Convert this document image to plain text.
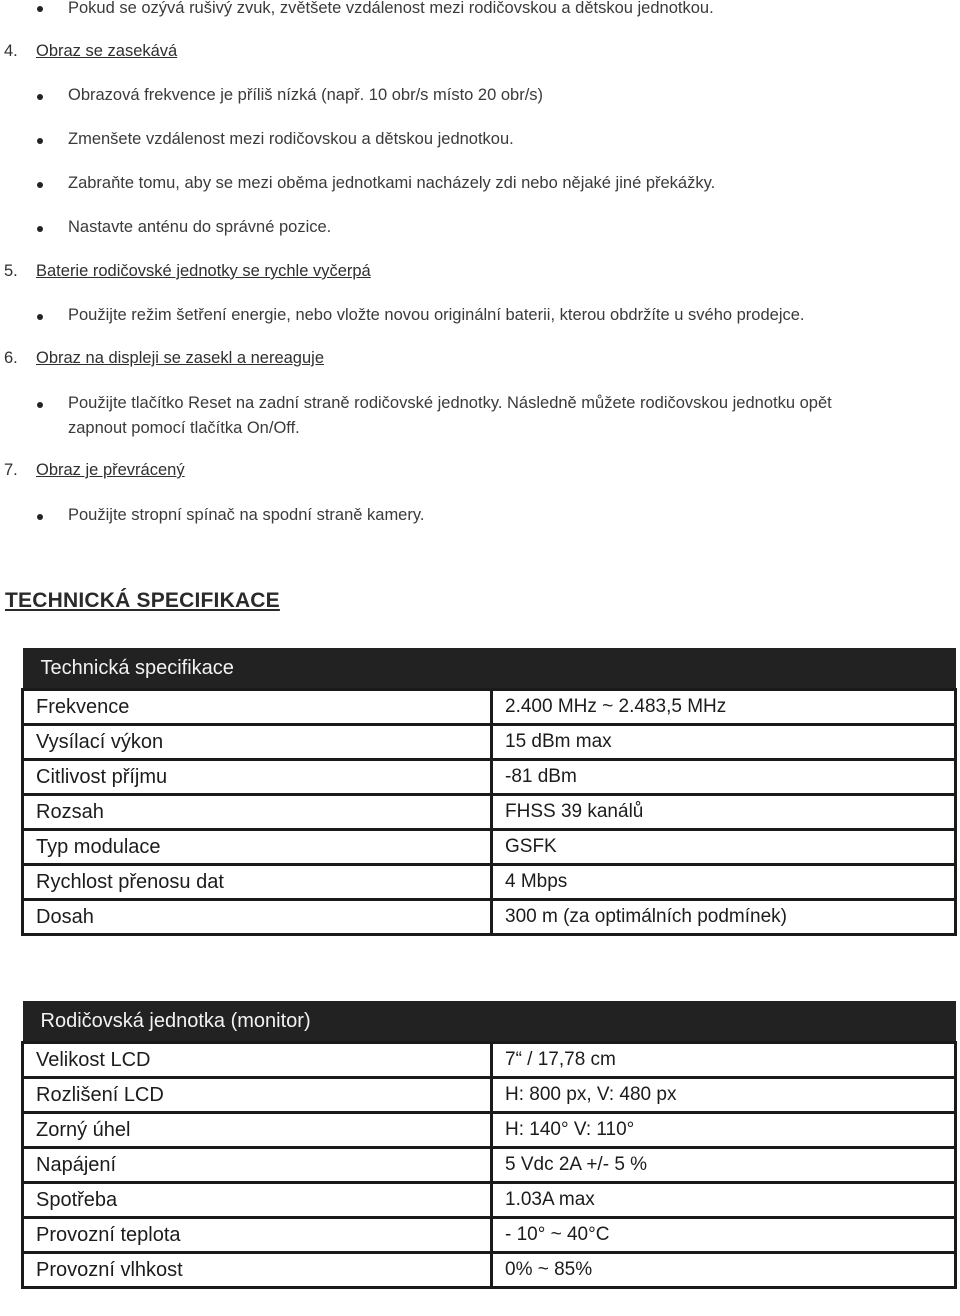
Pokud se ozývá rušivý zvuk, zvětšete vzdálenost mezi rodičovskou a dětskou jednotkou.
4. Obraz se zasekává
Obrazová frekvence je příliš nízká (např. 10 obr/s místo 20 obr/s)
Zmenšete vzdálenost mezi rodičovskou a dětskou jednotkou.
Zabraňte tomu, aby se mezi oběma jednotkami nacházely zdi nebo nějaké jiné překážky.
Nastavte anténu do správné pozice.
5. Baterie rodičovské jednotky se rychle vyčerpá
Použijte režim šetření energie, nebo vložte novou originální baterii, kterou obdržíte u svého prodejce.
6. Obraz na displeji se zasekl a nereaguje
Použijte tlačítko Reset na zadní straně rodičovské jednotky. Následně můžete rodičovskou jednotku opět
zapnout pomocí tlačítka On/Off.
7. Obraz je převrácený
Použijte stropní spínač na spodní straně kamery.
TECHNICKÁ SPECIFIKACE
Technická specifikace	
Frekvence	2.400 MHz ~ 2.483,5 MHz
Vysílací výkon	15 dBm max
Citlivost příjmu	-81 dBm
Rozsah	FHSS 39 kanálů
Typ modulace	GSFK
Rychlost přenosu dat	4 Mbps
Dosah	300 m (za optimálních podmínek)
Rodičovská jednotka (monitor)	
Velikost LCD	7“ / 17,78 cm
Rozlišení LCD	H: 800 px, V: 480 px
Zorný úhel	H: 140° V: 110°
Napájení	5 Vdc 2A +/- 5 %
Spotřeba	1.03A max
Provozní teplota	- 10° ~ 40°C
Provozní vlhkost	0% ~ 85%
